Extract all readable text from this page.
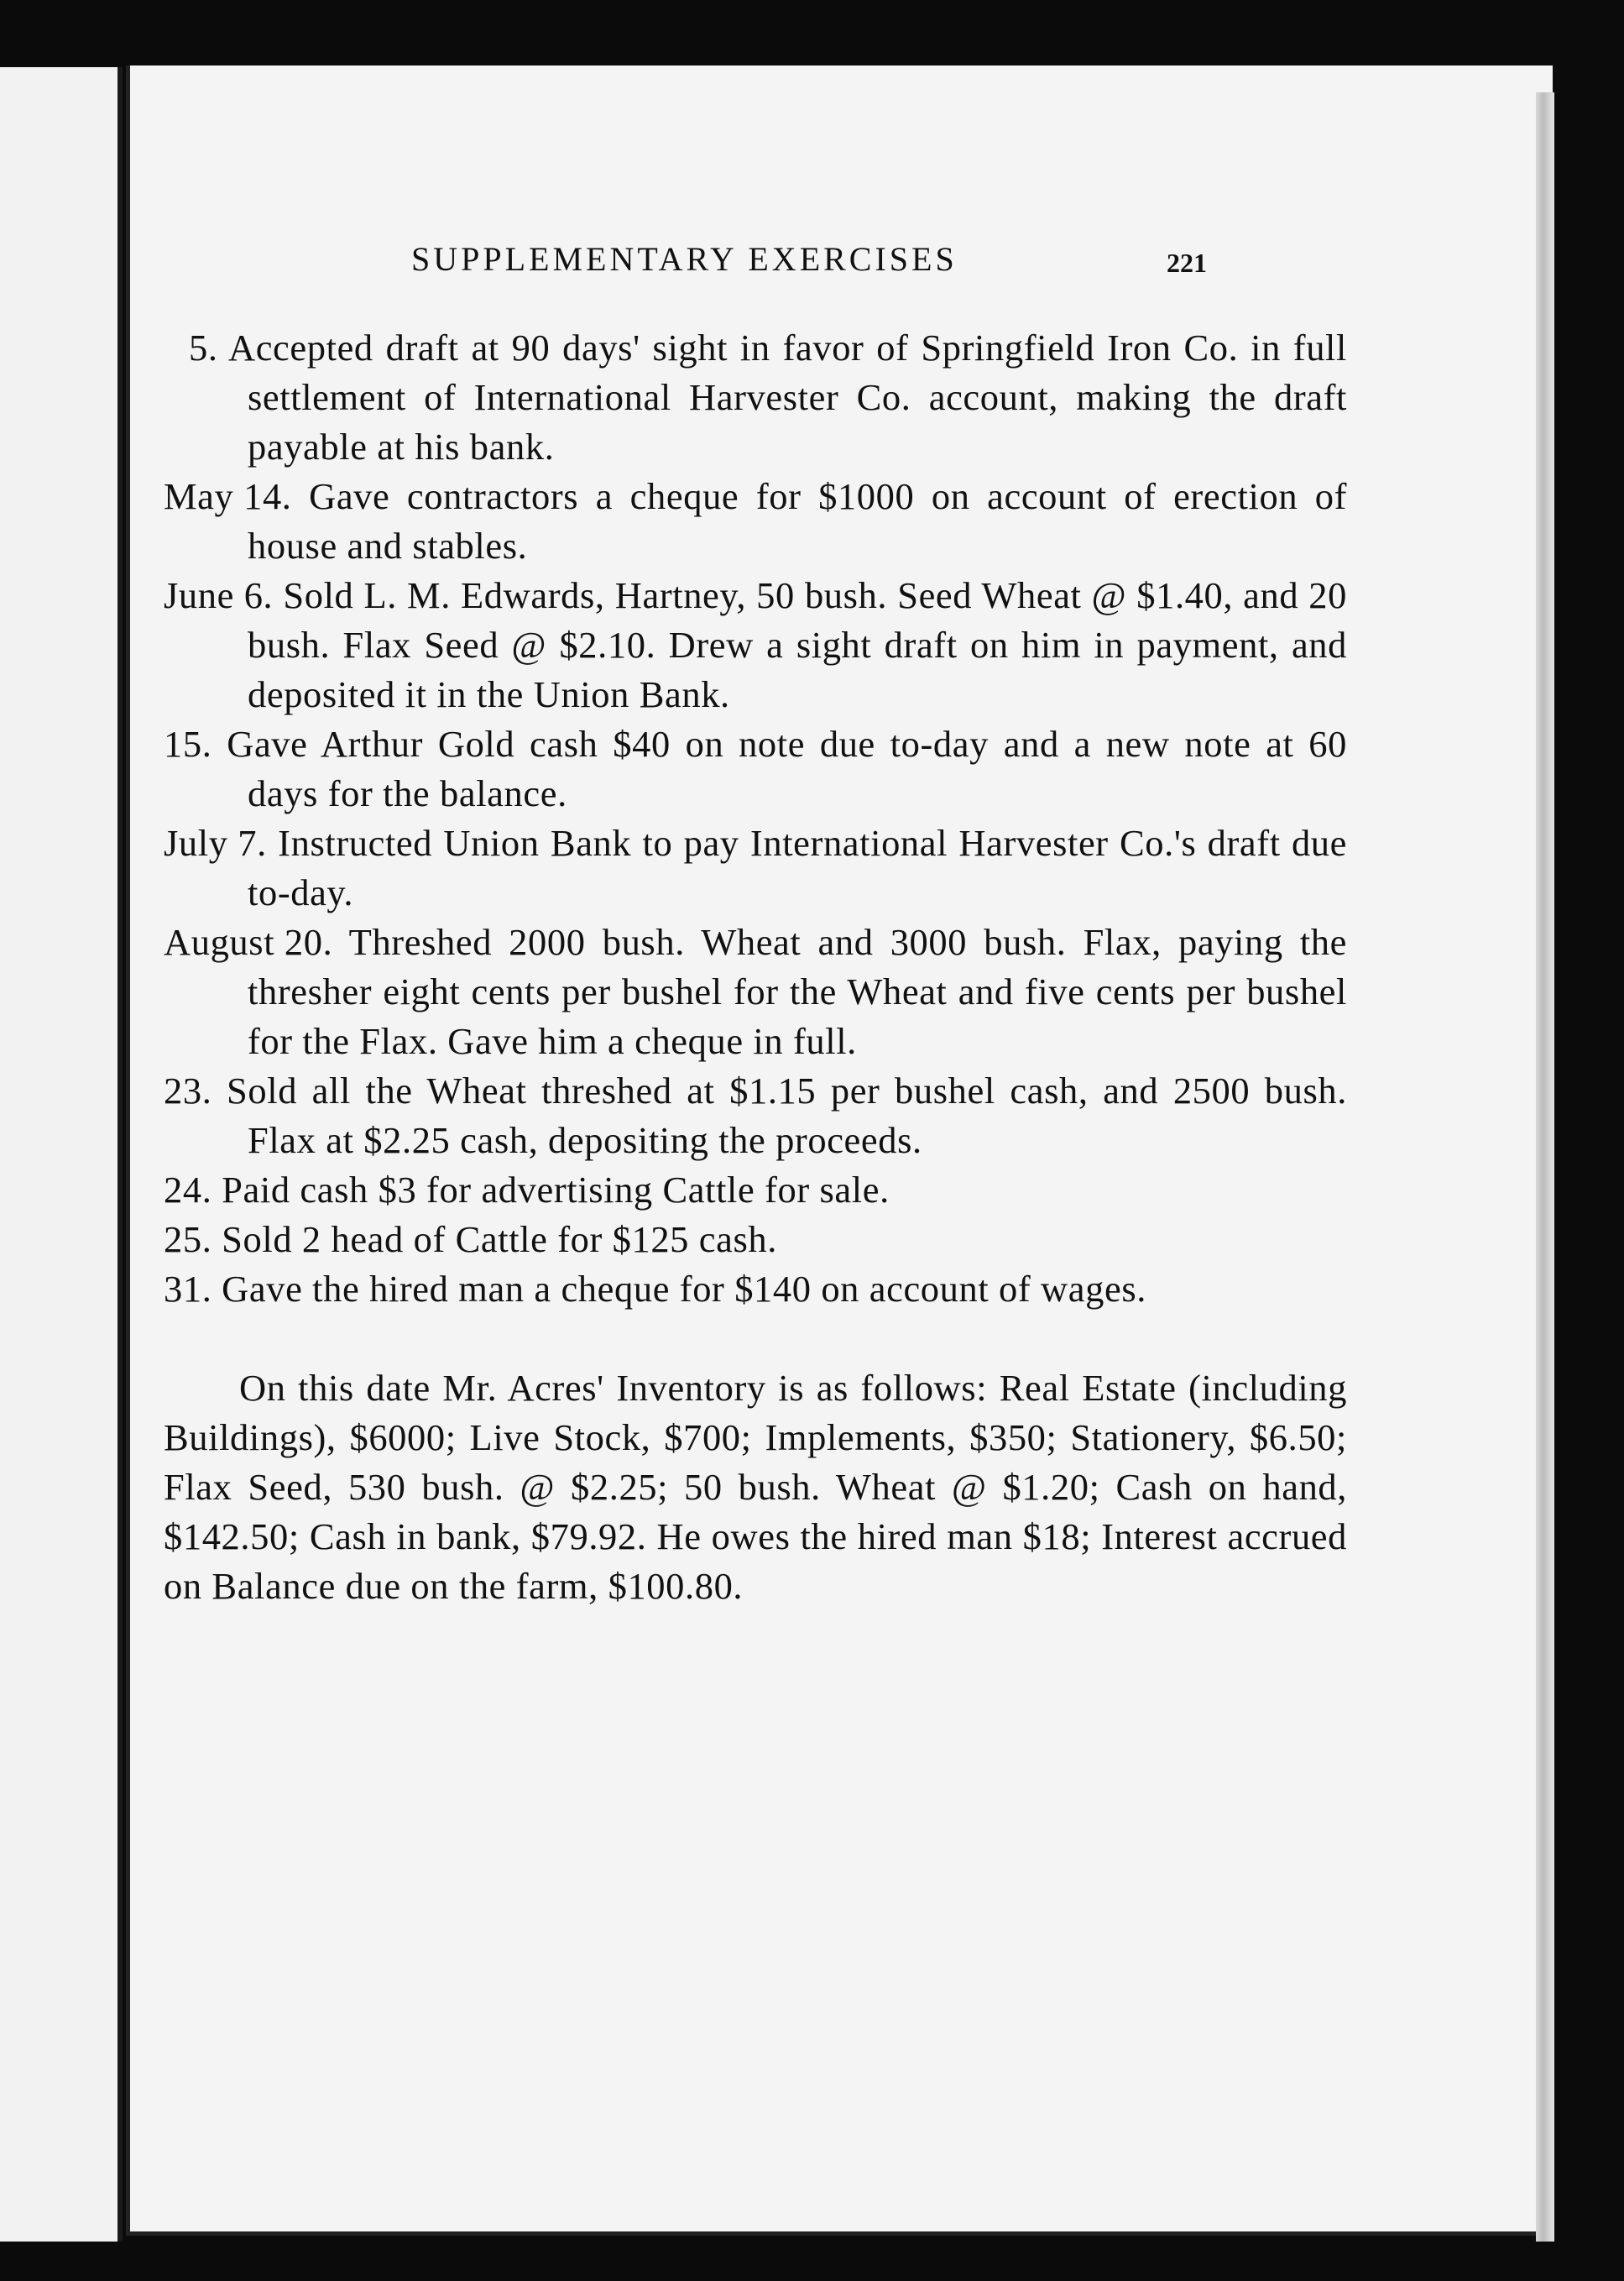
SUPPLEMENTARY EXERCISES	221

5. Accepted draft at 90 days' sight in favor of Springfield Iron Co. in full settlement of International Harvester Co. account, making the draft payable at his bank.

May 14. Gave contractors a cheque for $1000 on account of erection of house and stables.

June 6. Sold L. M. Edwards, Hartney, 50 bush. Seed Wheat @ $1.40, and 20 bush. Flax Seed @ $2.10. Drew a sight draft on him in payment, and deposited it in the Union Bank.

15. Gave Arthur Gold cash $40 on note due to-day and a new note at 60 days for the balance.

July 7. Instructed Union Bank to pay International Harvester Co.'s draft due to-day.

August 20. Threshed 2000 bush. Wheat and 3000 bush. Flax, paying the thresher eight cents per bushel for the Wheat and five cents per bushel for the Flax. Gave him a cheque in full.

23. Sold all the Wheat threshed at $1.15 per bushel cash, and 2500 bush. Flax at $2.25 cash, depositing the proceeds.

24. Paid cash $3 for advertising Cattle for sale.

25. Sold 2 head of Cattle for $125 cash.

31. Gave the hired man a cheque for $140 on account of wages.

On this date Mr. Acres' Inventory is as follows: Real Estate (including Buildings), $6000; Live Stock, $700; Implements, $350; Stationery, $6.50; Flax Seed, 530 bush. @ $2.25; 50 bush. Wheat @ $1.20; Cash on hand, $142.50; Cash in bank, $79.92. He owes the hired man $18; Interest accrued on Balance due on the farm, $100.80.
